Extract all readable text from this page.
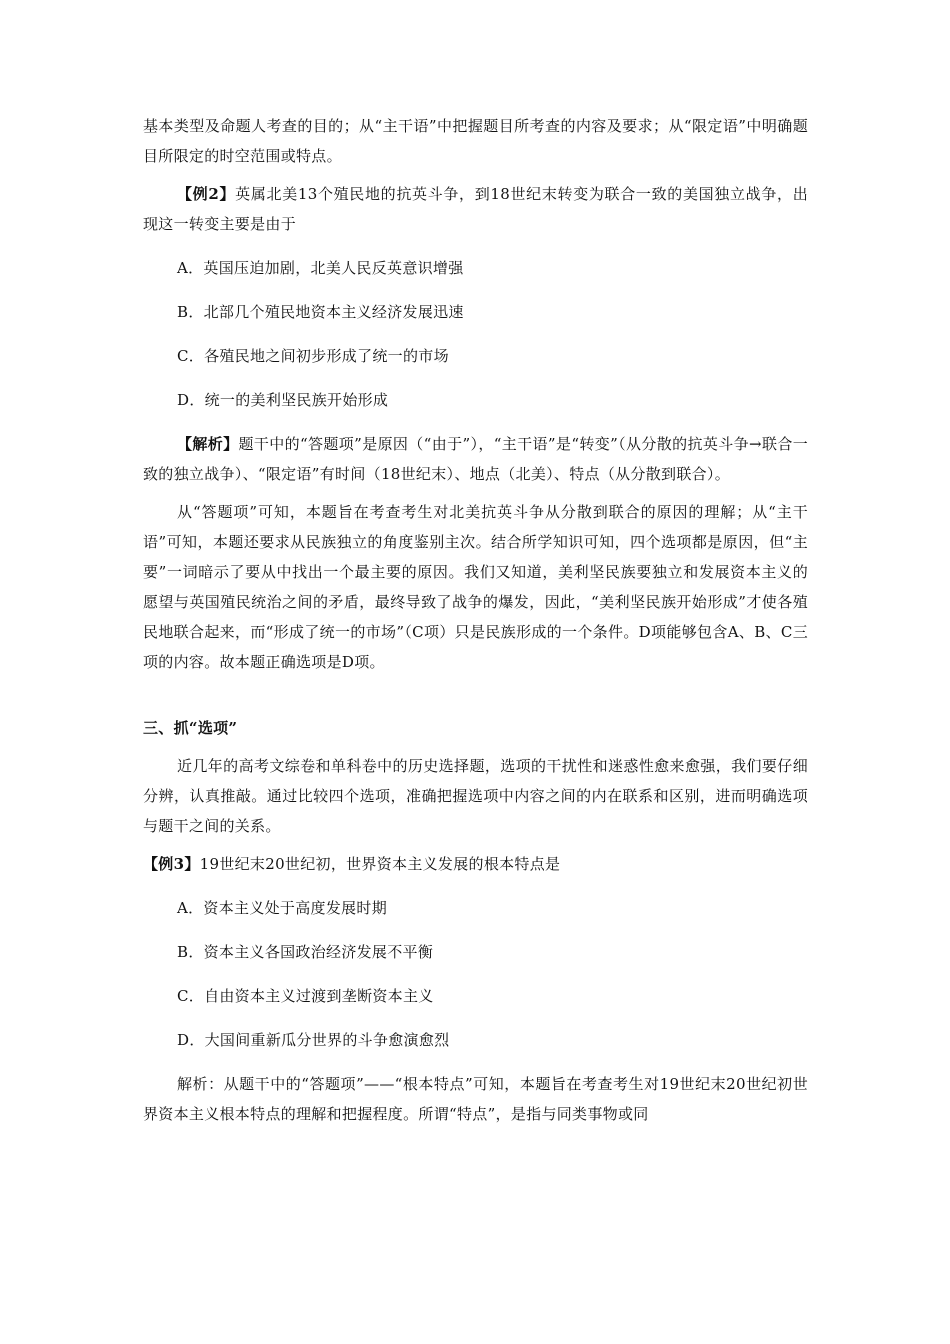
基本类型及命题人考查的目的；从“主干语”中把握题目所考查的内容及要求；从“限定语”中明确题目所限定的时空范围或特点。

【例2】英属北美13个殖民地的抗英斗争，到18世纪末转变为联合一致的美国独立战争，出现这一转变主要是由于

A．英国压迫加剧，北美人民反英意识增强

B．北部几个殖民地资本主义经济发展迅速

C．各殖民地之间初步形成了统一的市场

D．统一的美利坚民族开始形成

【解析】题干中的“答题项”是原因（“由于”），“主干语”是“转变”（从分散的抗英斗争→联合一致的独立战争）、“限定语”有时间（18世纪末）、地点（北美）、特点（从分散到联合）。

从“答题项”可知，本题旨在考查考生对北美抗英斗争从分散到联合的原因的理解；从“主干语”可知，本题还要求从民族独立的角度鉴别主次。结合所学知识可知，四个选项都是原因，但“主要”一词暗示了要从中找出一个最主要的原因。我们又知道，美利坚民族要独立和发展资本主义的愿望与英国殖民统治之间的矛盾，最终导致了战争的爆发，因此，“美利坚民族开始形成”才使各殖民地联合起来，而“形成了统一的市场”（C项）只是民族形成的一个条件。D项能够包含A、B、C三项的内容。故本题正确选项是D项。

三、抓“选项”

近几年的高考文综卷和单科卷中的历史选择题，选项的干扰性和迷惑性愈来愈强，我们要仔细分辨，认真推敲。通过比较四个选项，准确把握选项中内容之间的内在联系和区别，进而明确选项与题干之间的关系。

【例3】19世纪末20世纪初，世界资本主义发展的根本特点是

A．资本主义处于高度发展时期

B．资本主义各国政治经济发展不平衡

C．自由资本主义过渡到垄断资本主义

D．大国间重新瓜分世界的斗争愈演愈烈

解析：从题干中的“答题项”——“根本特点”可知，本题旨在考查考生对19世纪末20世纪初世界资本主义根本特点的理解和把握程度。所谓“特点”，是指与同类事物或同
